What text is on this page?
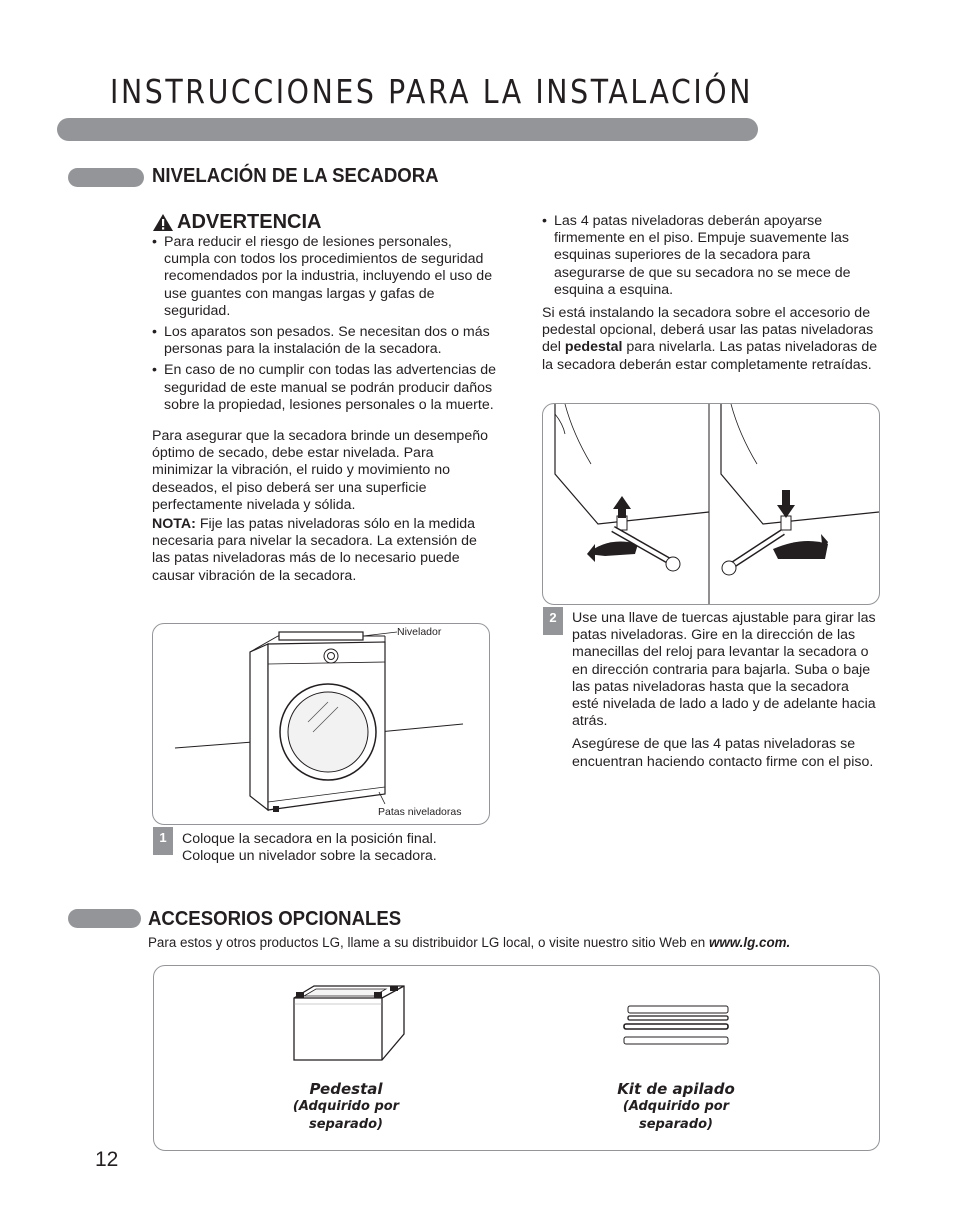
INSTRUCCIONES PARA LA INSTALACIÓN
NIVELACIÓN DE LA SECADORA
ADVERTENCIA
• Para reducir el riesgo de lesiones personales, cumpla con todos los procedimientos de seguridad recomendados por la industria, incluyendo el uso de use guantes con mangas largas y gafas de seguridad.
• Los aparatos son pesados. Se necesitan dos o más personas para la instalación de la secadora.
• En caso de no cumplir con todas las advertencias de seguridad de este manual se podrán producir daños sobre la propiedad, lesiones personales o la muerte.

Para asegurar que la secadora brinde un desempeño óptimo de secado, debe estar nivelada. Para minimizar la vibración, el ruido y movimiento no deseados, el piso deberá ser una superficie perfectamente nivelada y sólida.

NOTA: Fije las patas niveladoras sólo en la medida necesaria para nivelar la secadora. La extensión de las patas niveladoras más de lo necesario puede causar vibración de la secadora.

Nivelador
Patas niveladoras
1	Coloque la secadora en la posición final. Coloque un nivelador sobre la secadora.
• Las 4 patas niveladoras deberán apoyarse firmemente en el piso. Empuje suavemente las esquinas superiores de la secadora para asegurarse de que su secadora no se mece de esquina a esquina.

Si está instalando la secadora sobre el accesorio de pedestal opcional, deberá usar las patas niveladoras del pedestal para nivelarla. Las patas niveladoras de la secadora deberán estar completamente retraídas.

2	Use una llave de tuercas ajustable para girar las patas niveladoras. Gire en la dirección de las manecillas del reloj para levantar la secadora o en dirección contraria para bajarla. Suba o baje las patas niveladoras hasta que la secadora esté nivelada de lado a lado y de adelante hacia atrás.

Asegúrese de que las 4 patas niveladoras se encuentran haciendo contacto firme con el piso.

ACCESORIOS OPCIONALES
Para estos y otros productos LG, llame a su distribuidor LG local, o visite nuestro sitio Web en www.lg.com.
Pedestal
(Adquirido por separado)
Kit de apilado
(Adquirido por separado)
12
